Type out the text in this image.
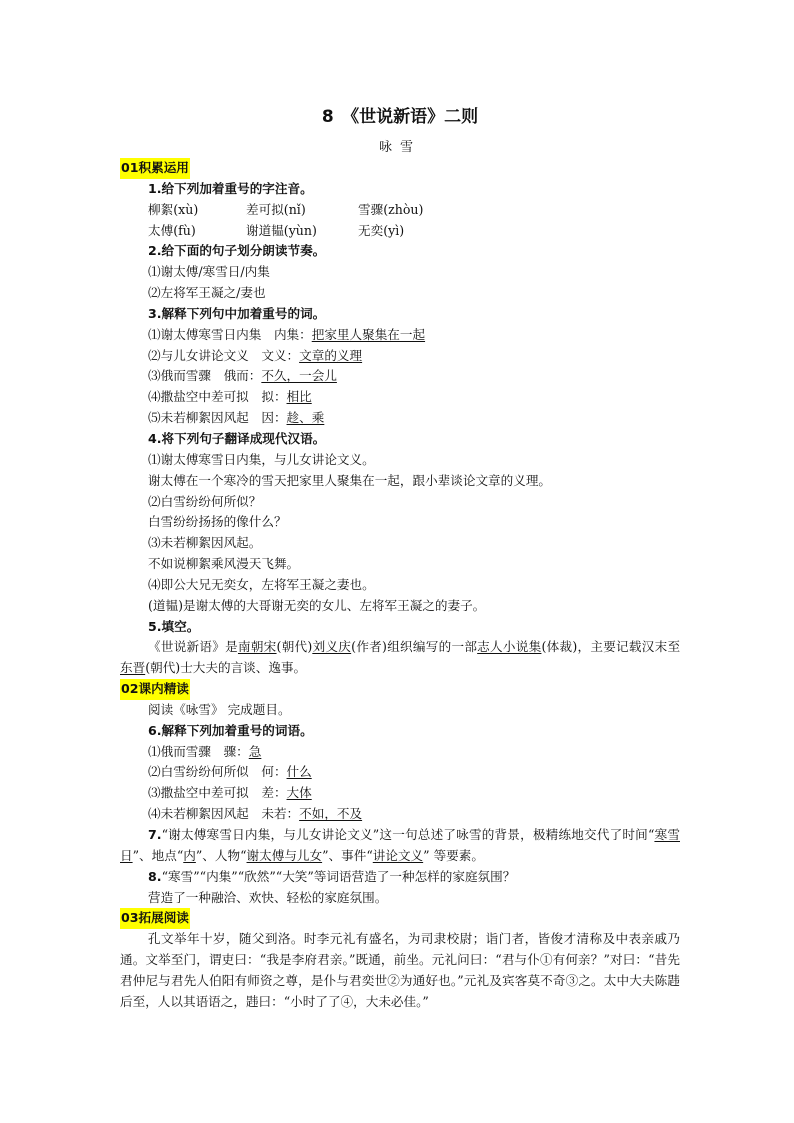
8　《世说新语》二则
咏雪
01积累运用
1.给下列加着重号的字注音。
柳絮(xù)	差可拟(nǐ)	雪骤(zhòu)
太傅(fù)	谢道韫(yùn)	无奕(yì)
2.给下面的句子划分朗读节奏。
⑴谢太傅/寒雪日/内集
⑵左将军王凝之/妻也
3.解释下列句中加着重号的词。
⑴谢太傅寒雪日内集　内集：把家里人聚集在一起
⑵与儿女讲论文义　文义：文章的义理
⑶俄而雪骤　俄而：不久，一会儿
⑷撒盐空中差可拟　拟：相比
⑸未若柳絮因风起　因：趁、乘
4.将下列句子翻译成现代汉语。
⑴谢太傅寒雪日内集，与儿女讲论文义。
谢太傅在一个寒冷的雪天把家里人聚集在一起，跟小辈谈论文章的义理。
⑵白雪纷纷何所似？
白雪纷纷扬扬的像什么？
⑶未若柳絮因风起。
不如说柳絮乘风漫天飞舞。
⑷即公大兄无奕女，左将军王凝之妻也。
(道韫)是谢太傅的大哥谢无奕的女儿、左将军王凝之的妻子。
5.填空。
《世说新语》是南朝宋(朝代)刘义庆(作者)组织编写的一部志人小说集(体裁)，主要记载汉末至东晋(朝代)士大夫的言谈、逸事。
02课内精读
阅读《咏雪》 完成题目。
6.解释下列加着重号的词语。
⑴俄而雪骤　骤：急
⑵白雪纷纷何所似　何：什么
⑶撒盐空中差可拟　差：大体
⑷未若柳絮因风起　未若：不如，不及
7.“谢太傅寒雪日内集，与儿女讲论文义”这一句总述了咏雪的背景，极精练地交代了时间“寒雪日”、地点“内”、人物“谢太傅与儿女”、事件“讲论文义” 等要素。
8.“寒雪”“内集”“欣然”“大笑”等词语营造了一种怎样的家庭氛围？
营造了一种融洽、欢快、轻松的家庭氛围。
03拓展阅读
孔文举年十岁，随父到洛。时李元礼有盛名，为司隶校尉；诣门者，皆俊才清称及中表亲戚乃通。文举至门，谓吏曰：“我是李府君亲。”既通，前坐。元礼问曰：“君与仆①有何亲？”对曰：“昔先君仲尼与君先人伯阳有师资之尊，是仆与君奕世②为通好也。”元礼及宾客莫不奇③之。太中大夫陈韪后至，人以其语语之，韪曰：“小时了了④，大未必佳。”
